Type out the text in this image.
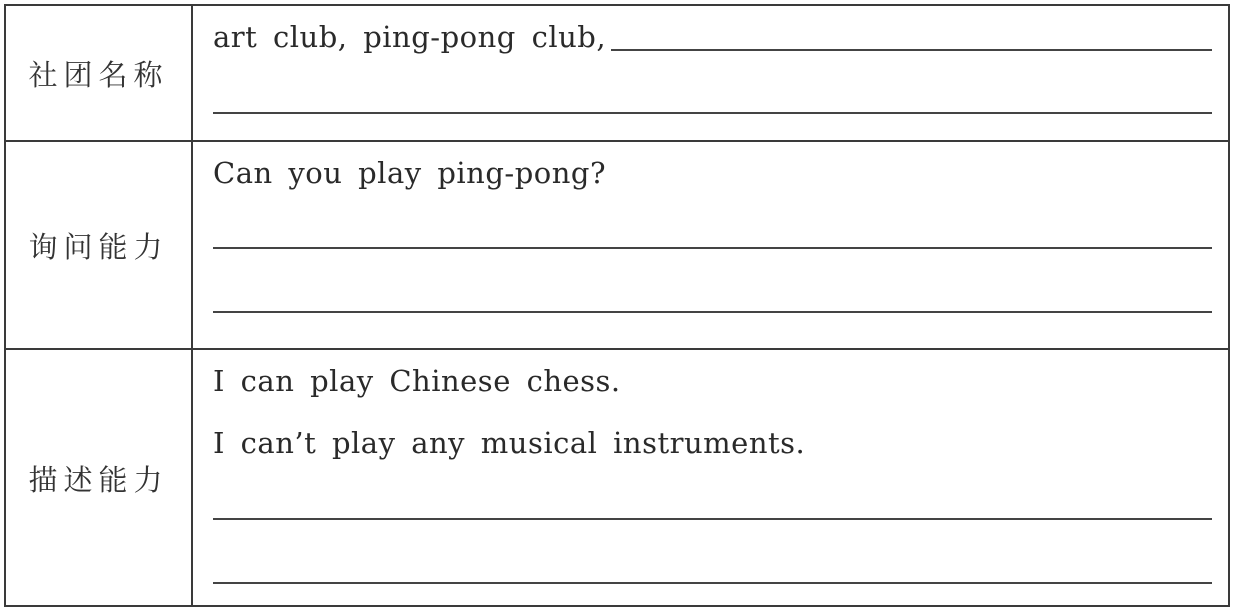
社团名称
art club, ping-pong club,
询问能力
Can you play ping-pong?
描述能力
I can play Chinese chess.
I can’t play any musical instruments.
